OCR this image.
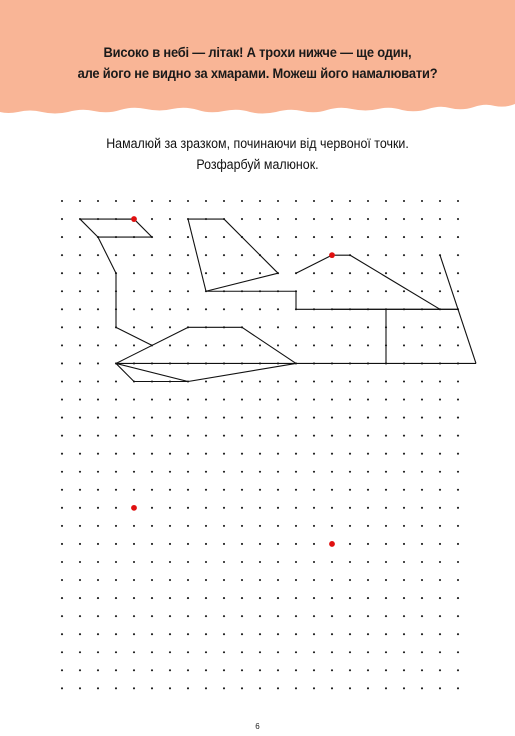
Високо в небі — літак! А трохи нижче — ще один,
але його не видно за хмарами. Можеш його намалювати?
Намалюй за зразком, починаючи від червоної точки.
Розфарбуй малюнок.
6
